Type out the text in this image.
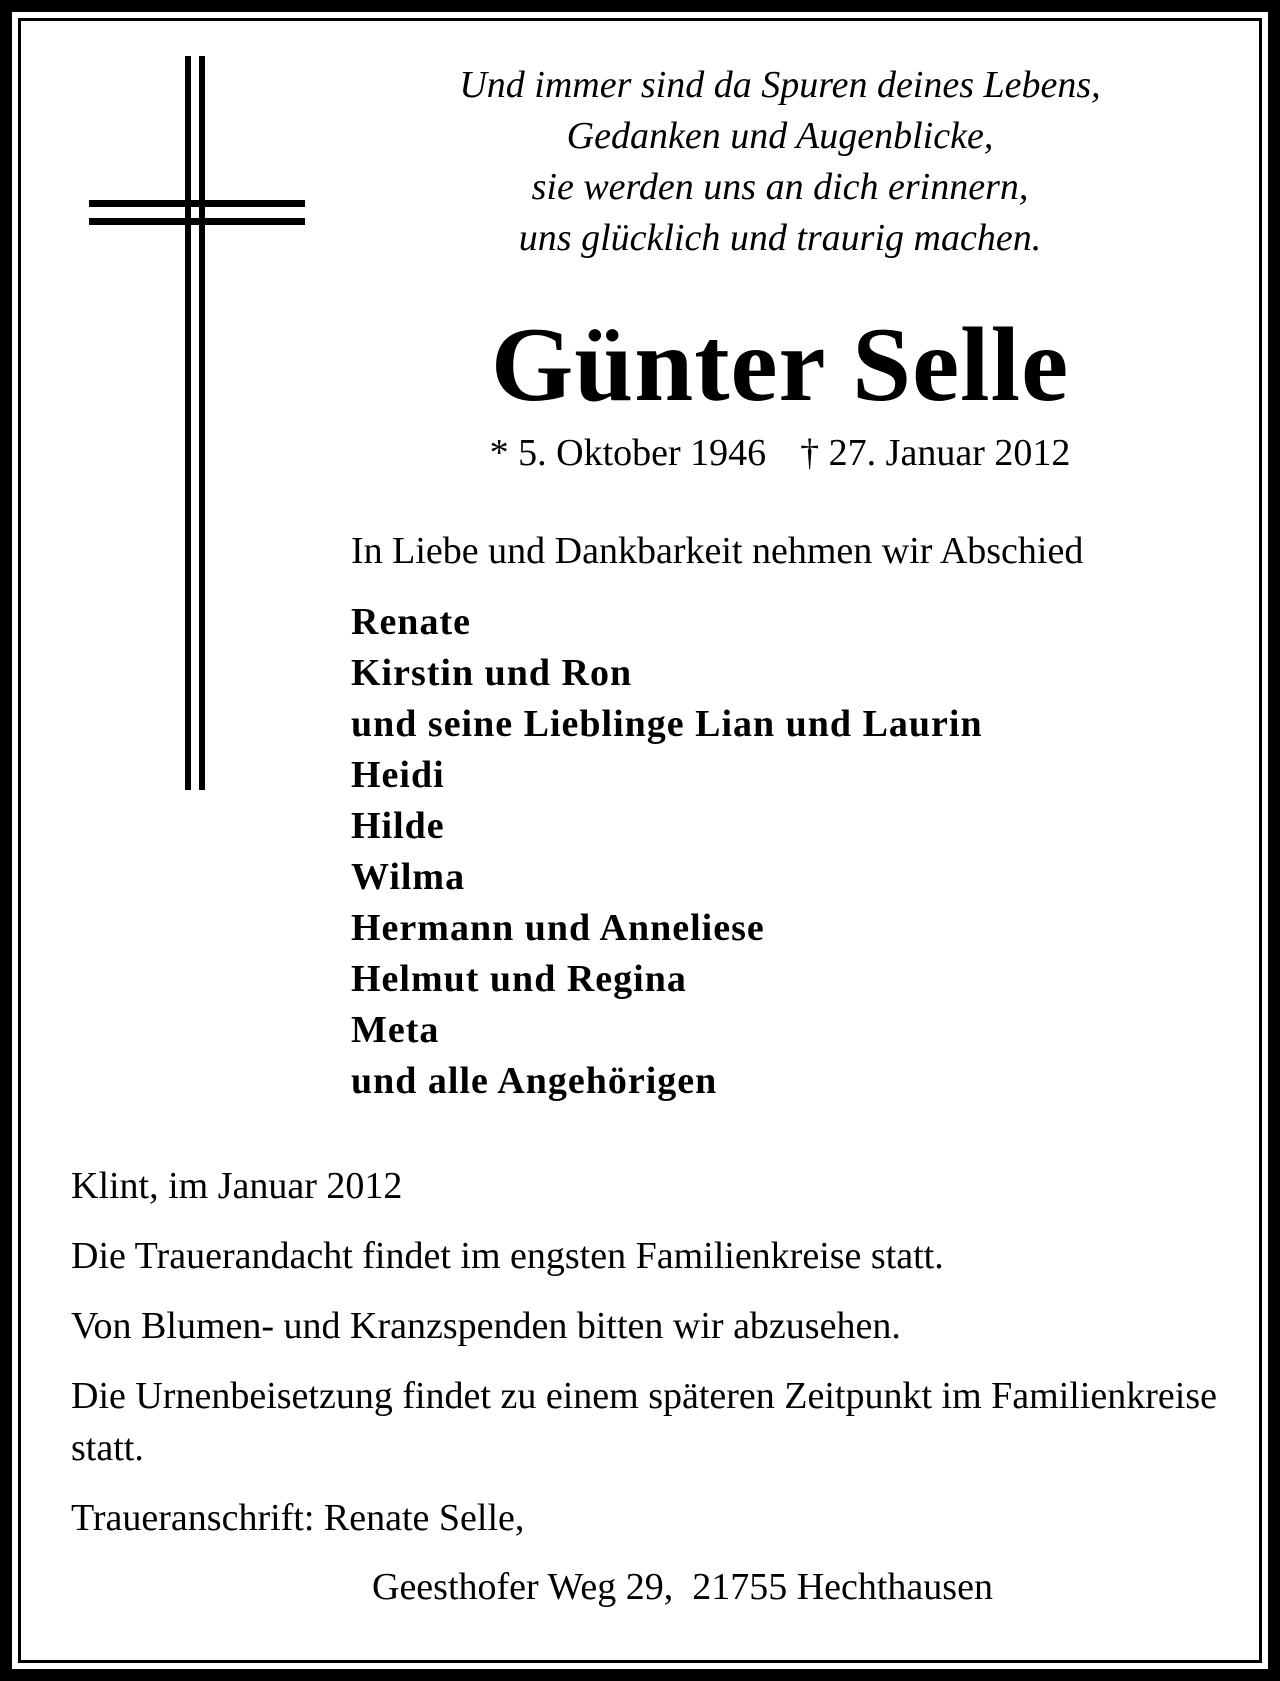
Und immer sind da Spuren deines Lebens,
Gedanken und Augenblicke,
sie werden uns an dich erinnern,
uns glücklich und traurig machen.
Günter Selle
* 5. Oktober 1946 † 27. Januar 2012
In Liebe und Dankbarkeit nehmen wir Abschied
Renate
Kirstin und Ron
und seine Lieblinge Lian und Laurin
Heidi
Hilde
Wilma
Hermann und Anneliese
Helmut und Regina
Meta
und alle Angehörigen

Klint, im Januar 2012

Die Trauerandacht findet im engsten Familienkreise statt.

Von Blumen- und Kranzspenden bitten wir abzusehen.

Die Urnenbeisetzung findet zu einem späteren Zeitpunkt im Familienkreise statt.

Traueranschrift: Renate Selle,

Geesthofer Weg 29,  21755 Hechthausen
